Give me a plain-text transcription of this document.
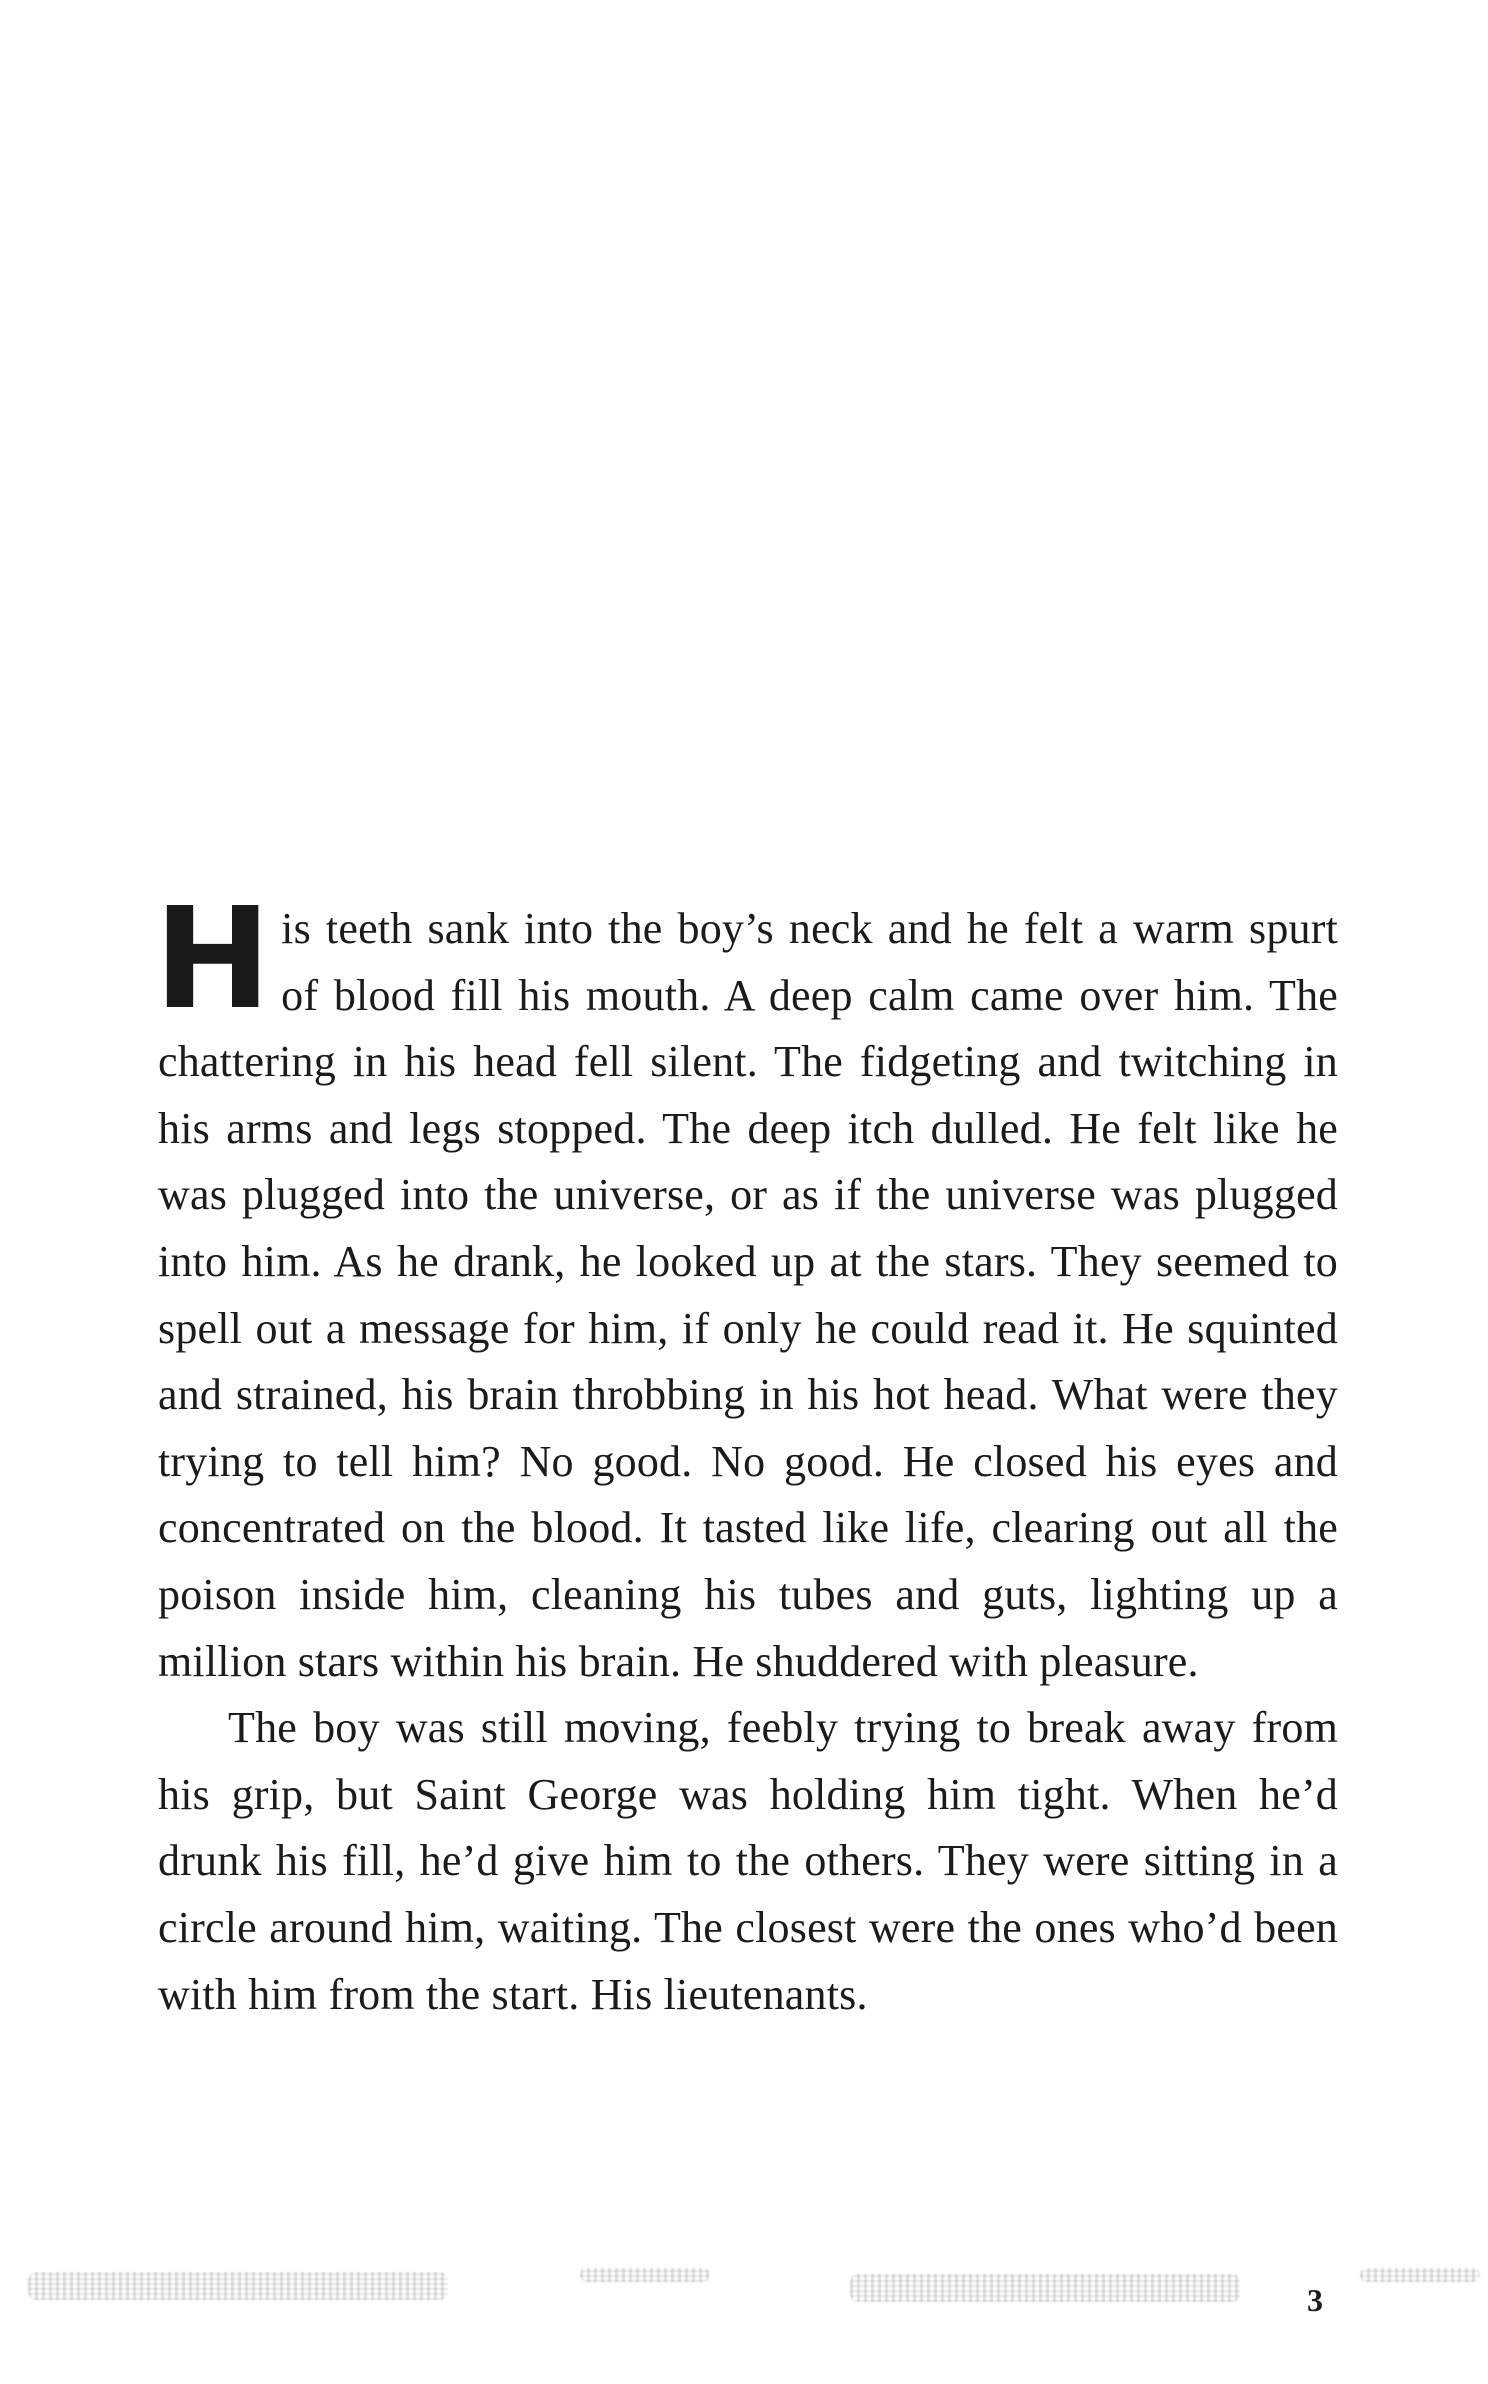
His teeth sank into the boy’s neck and he felt a warm spurt of blood fill his mouth. A deep calm came over him. The chattering in his head fell silent. The fidgeting and twitching in his arms and legs stopped. The deep itch dulled. He felt like he was plugged into the universe, or as if the universe was plugged into him. As he drank, he looked up at the stars. They seemed to spell out a message for him, if only he could read it. He squinted and strained, his brain throbbing in his hot head. What were they trying to tell him? No good. No good. He closed his eyes and concentrated on the blood. It tasted like life, clearing out all the poison inside him, cleaning his tubes and guts, lighting up a million stars within his brain. He shuddered with pleasure.

The boy was still moving, feebly trying to break away from his grip, but Saint George was holding him tight. When he’d drunk his fill, he’d give him to the others. They were sitting in a circle around him, waiting. The closest were the ones who’d been with him from the start. His lieutenants.

3
